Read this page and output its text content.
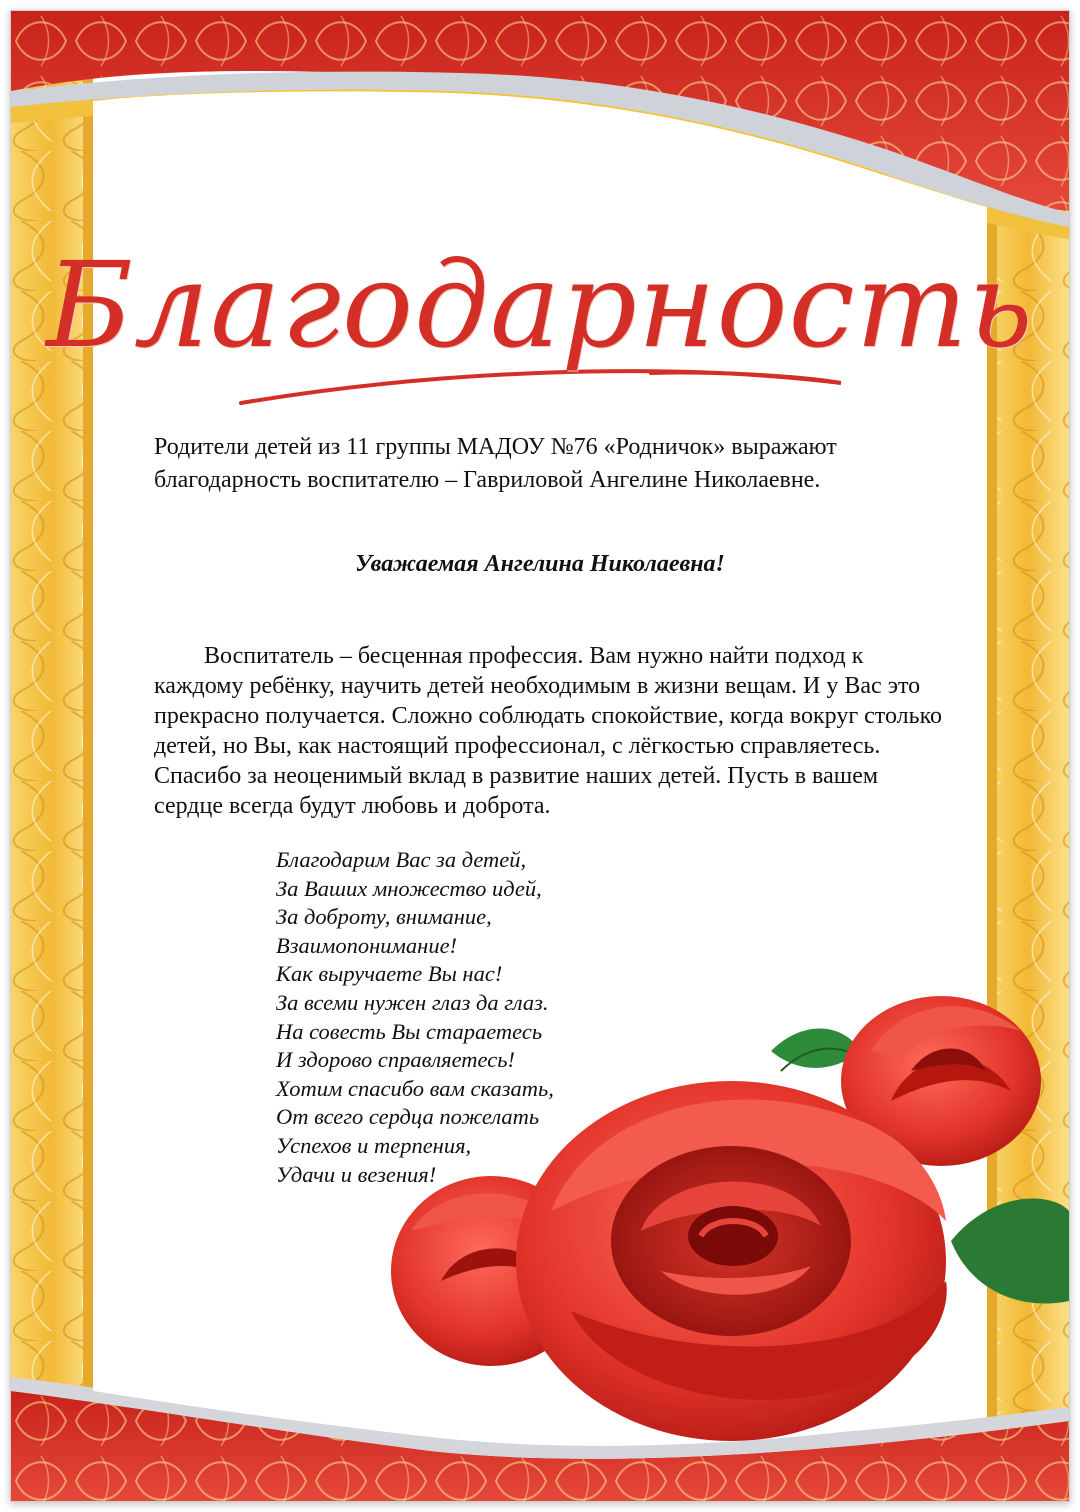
Благодарность
Родители детей из 11 группы МАДОУ №76 «Родничок» выражают благодарность воспитателю – Гавриловой Ангелине Николаевне.
Уважаемая Ангелина Николаевна!
Воспитатель – бесценная профессия. Вам нужно найти подход к каждому ребёнку, научить детей необходимым в жизни вещам. И у Вас это прекрасно получается. Сложно соблюдать спокойствие, когда вокруг столько детей, но Вы, как настоящий профессионал, с лёгкостью справляетесь. Спасибо за неоценимый вклад в развитие наших детей. Пусть в вашем сердце всегда будут любовь и доброта.
Благодарим Вас за детей,
За Ваших множество идей,
За доброту, внимание,
Взаимопонимание!
Как выручаете Вы нас!
За всеми нужен глаз да глаз.
На совесть Вы стараетесь
И здорово справляетесь!
Хотим спасибо вам сказать,
От всего сердца пожелать
Успехов и терпения,
Удачи и везения!
